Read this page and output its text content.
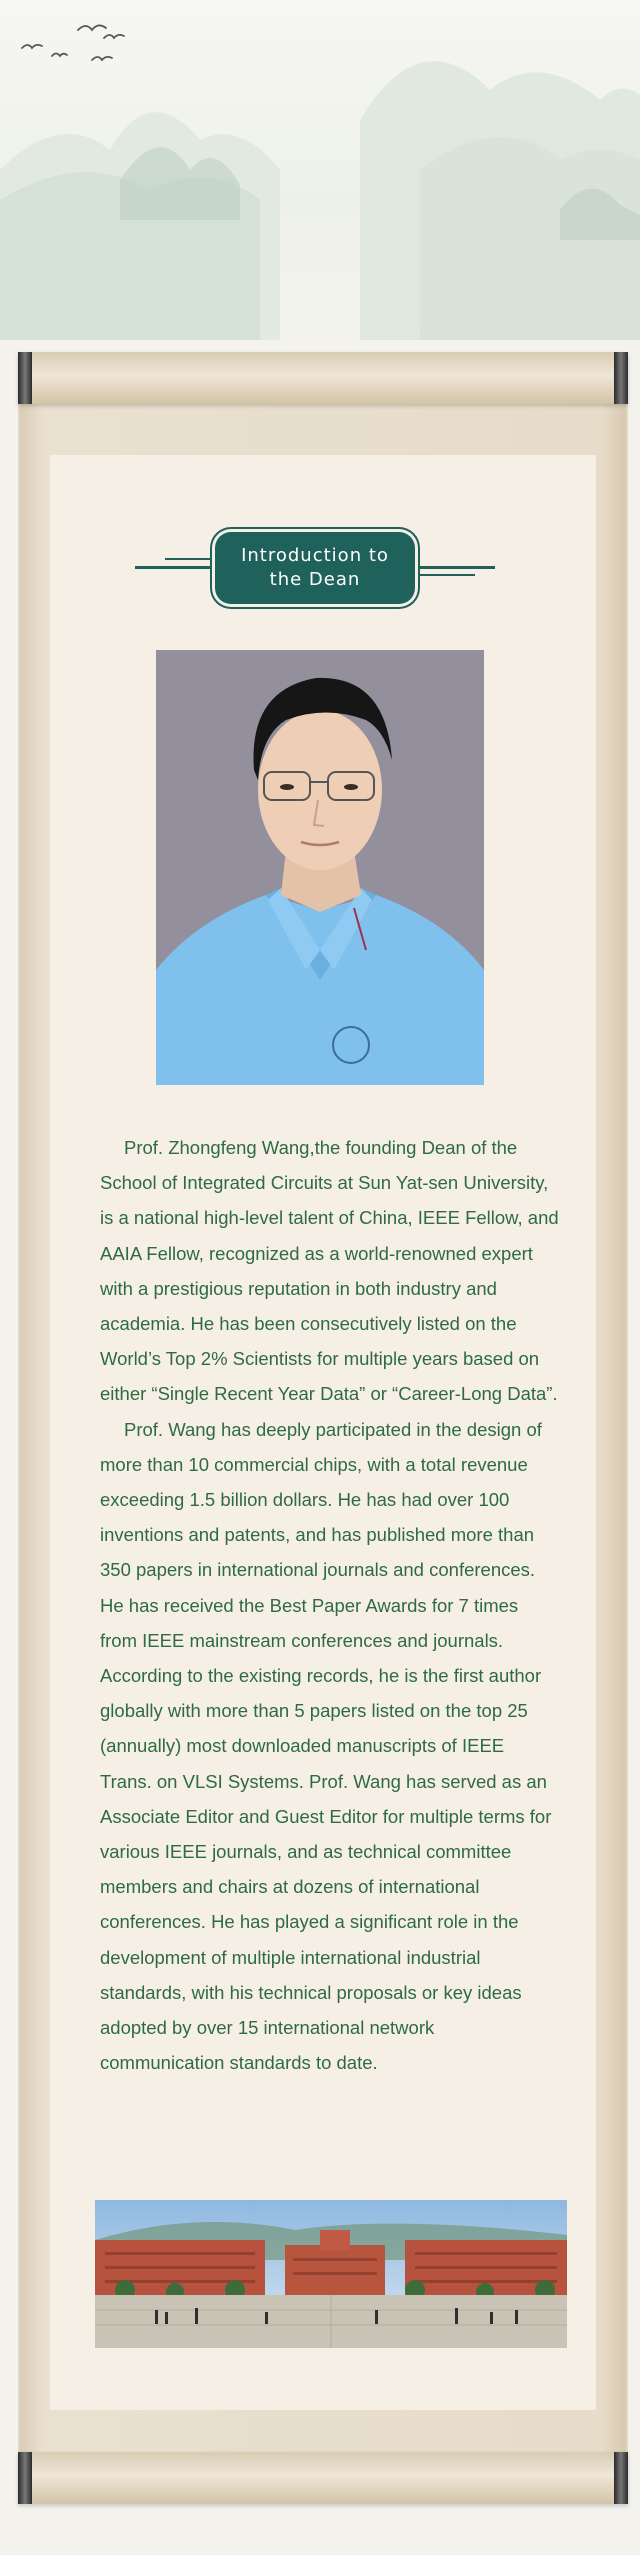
Introduction to
the Dean

Prof. Zhongfeng Wang,the founding Dean of the School of Integrated Circuits at Sun Yat-sen University, is a national high-level talent of China, IEEE Fellow, and AAIA Fellow, recognized as a world-renowned expert with a prestigious reputation in both industry and academia. He has been consecutively listed on the World’s Top 2% Scientists for multiple years based on either “Single Recent Year Data” or “Career-Long Data”.

Prof. Wang has deeply participated in the design of more than 10 commercial chips, with a total revenue exceeding 1.5 billion dollars. He has had over 100 inventions and patents, and has published more than 350 papers in international journals and conferences. He has received the Best Paper Awards for 7 times from IEEE mainstream conferences and journals. According to the existing records, he is the first author globally with more than 5 papers listed on the top 25 (annually) most downloaded manuscripts of IEEE Trans. on VLSI Systems. Prof. Wang has served as an Associate Editor and Guest Editor for multiple terms for various IEEE journals, and as technical committee members and chairs at dozens of international conferences. He has played a significant role in the development of multiple international industrial standards, with his technical proposals or key ideas adopted by over 15 international network communication standards to date.
